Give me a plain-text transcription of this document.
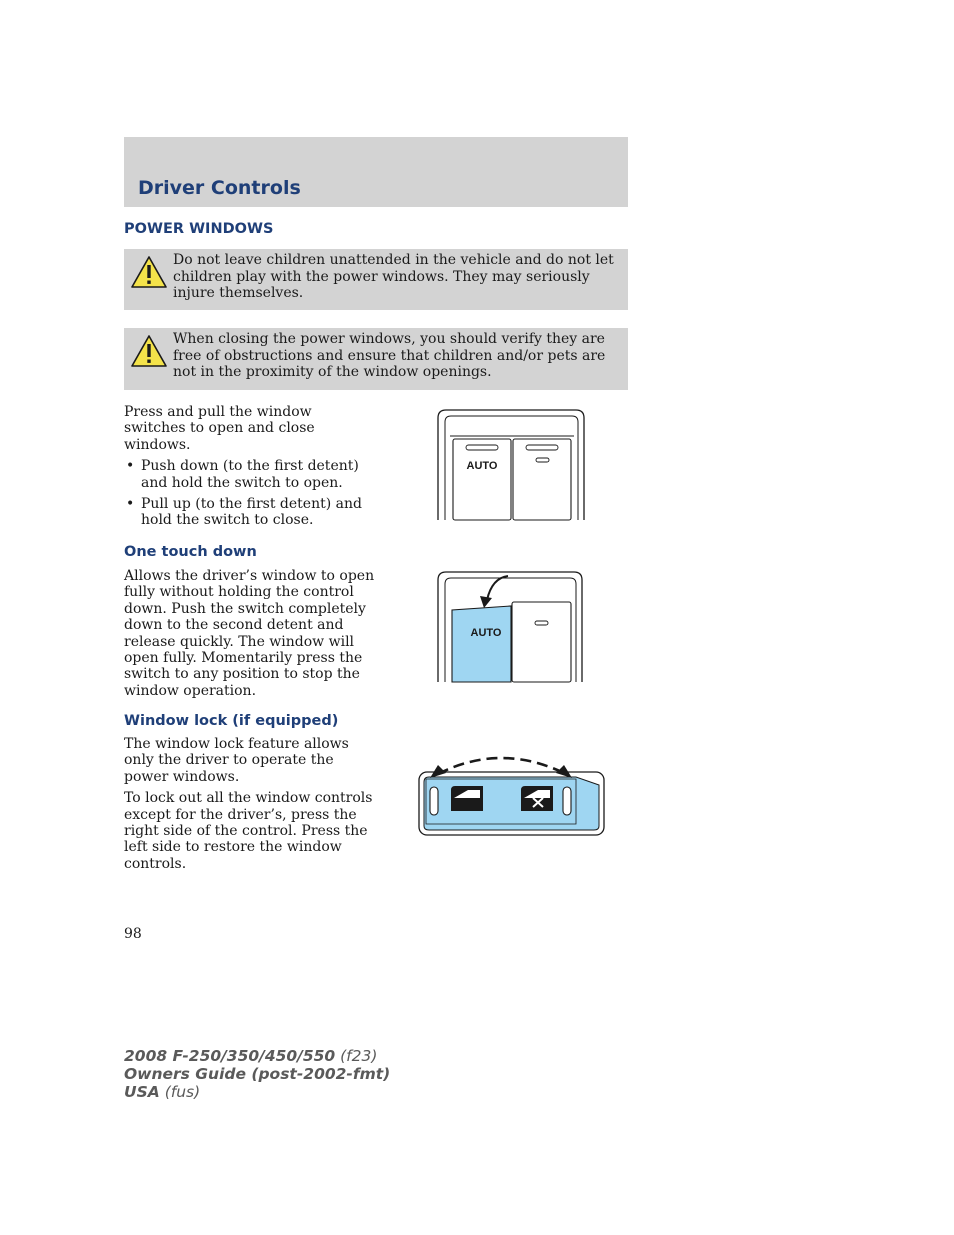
Driver Controls
POWER WINDOWS
Do not leave children unattended in the vehicle and do not let children play with the power windows. They may seriously injure themselves.
When closing the power windows, you should verify they are free of obstructions and ensure that children and/or pets are not in the proximity of the window openings.

Press and pull the window switches to open and close windows.

• Push down (to the first detent) and hold the switch to open.
• Pull up (to the first detent) and hold the switch to close.
AUTO
One touch down

Allows the driver’s window to open fully without holding the control down. Push the switch completely down to the second detent and release quickly. The window will open fully. Momentarily press the switch to any position to stop the window operation.

AUTO
Window lock (if equipped)

The window lock feature allows only the driver to operate the power windows.

To lock out all the window controls except for the driver’s, press the right side of the control. Press the left side to restore the window controls.

98
2008 F-250/350/450/550 (f23)
Owners Guide (post-2002-fmt)
USA (fus)
